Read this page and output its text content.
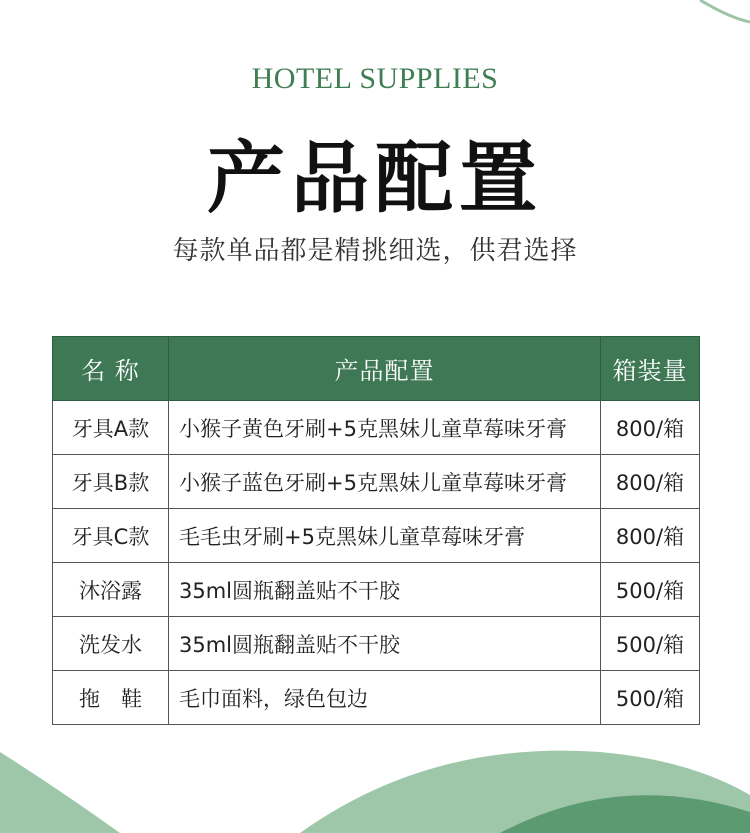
HOTEL SUPPLIES
产品配置
每款单品都是精挑细选，供君选择
名 称	产品配置	箱装量
牙具A款	小猴子黄色牙刷+5克黑妹儿童草莓味牙膏	800/箱
牙具B款	小猴子蓝色牙刷+5克黑妹儿童草莓味牙膏	800/箱
牙具C款	毛毛虫牙刷+5克黑妹儿童草莓味牙膏	800/箱
沐浴露	35ml圆瓶翻盖贴不干胶	500/箱
洗发水	35ml圆瓶翻盖贴不干胶	500/箱
拖　鞋	毛巾面料，绿色包边	500/箱
